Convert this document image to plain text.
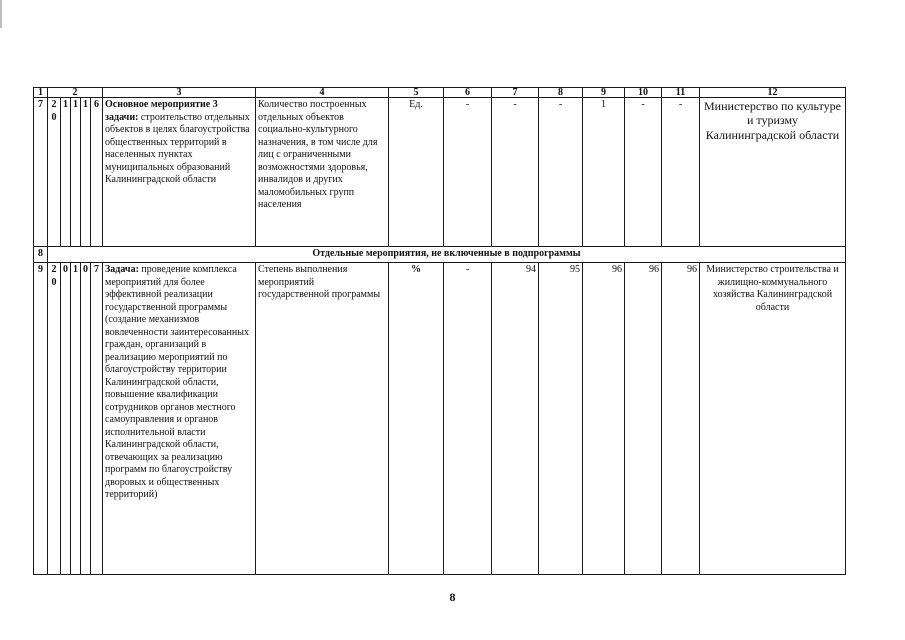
1	2					3	4	5	6	7	8	9	10	11	12
7	20	1	1	1	6	Основное мероприятие 3 задачи: строительство отдельных объектов в целях благоустройства общественных территорий в населенных пунктах муниципальных образований Калининградской области	Количество построенных отдельных объектов социально-культурного назначения, в том числе для лиц с ограниченными возможностями здоровья, инвалидов и других маломобильных групп населения	Ед.	-	-	-	1	-	-	Министерство по культуре и туризму Калининградской области
8	Отдельные мероприятия, не включенные в подпрограммы														
9	20	0	1	0	7	Задача: проведение комплекса мероприятий для более эффективной реализации государственной программы (создание механизмов вовлеченности заинтересованных граждан, организаций в реализацию мероприятий по благоустройству территории Калининградской области, повышение квалификации сотрудников органов местного самоуправления и органов исполнительной власти Калининградской области, отвечающих за реализацию программ по благоустройству дворовых и общественных территорий)	Степень выполнения мероприятий государственной программы	%	-	94	95	96	96	96	Министерство строительства и жилищно-коммунального хозяйства Калининградской области
8
